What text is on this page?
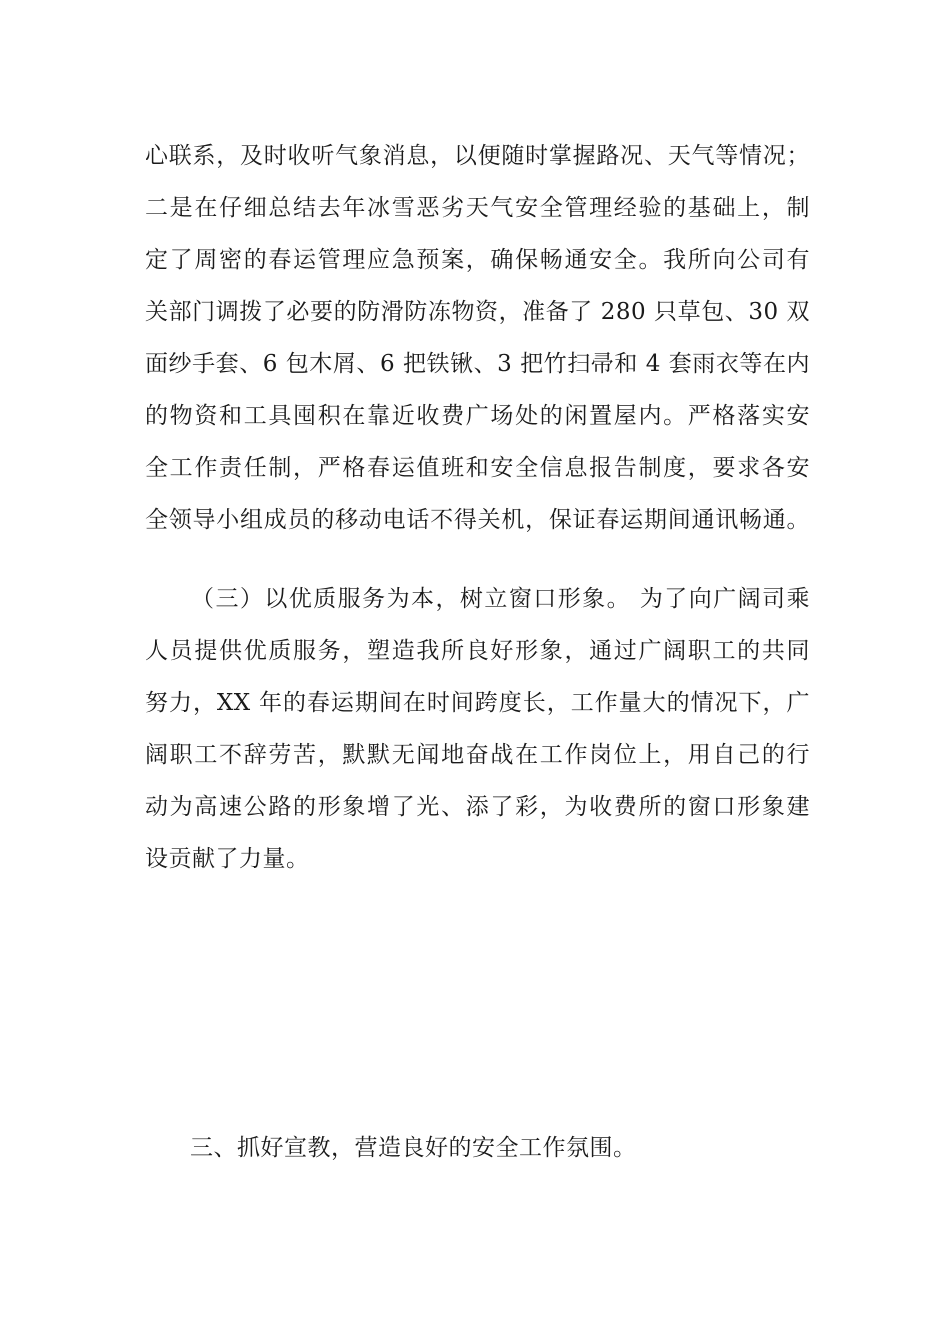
心联系，及时收听气象消息，以便随时掌握路况、天气等情况；
二是在仔细总结去年冰雪恶劣天气安全管理经验的基础上，制
定了周密的春运管理应急预案，确保畅通安全。我所向公司有
关部门调拨了必要的防滑防冻物资，准备了 280 只草包、30 双
面纱手套、6 包木屑、6 把铁锹、3 把竹扫帚和 4 套雨衣等在内
的物资和工具囤积在靠近收费广场处的闲置屋内。严格落实安
全工作责任制，严格春运值班和安全信息报告制度，要求各安
全领导小组成员的移动电话不得关机，保证春运期间通讯畅通。
（三）以优质服务为本，树立窗口形象。 为了向广阔司乘
人员提供优质服务，塑造我所良好形象，通过广阔职工的共同
努力，XX 年的春运期间在时间跨度长，工作量大的情况下，广
阔职工不辞劳苦，默默无闻地奋战在工作岗位上，用自己的行
动为高速公路的形象增了光、添了彩，为收费所的窗口形象建
设贡献了力量。
三、抓好宣教，营造良好的安全工作氛围。
